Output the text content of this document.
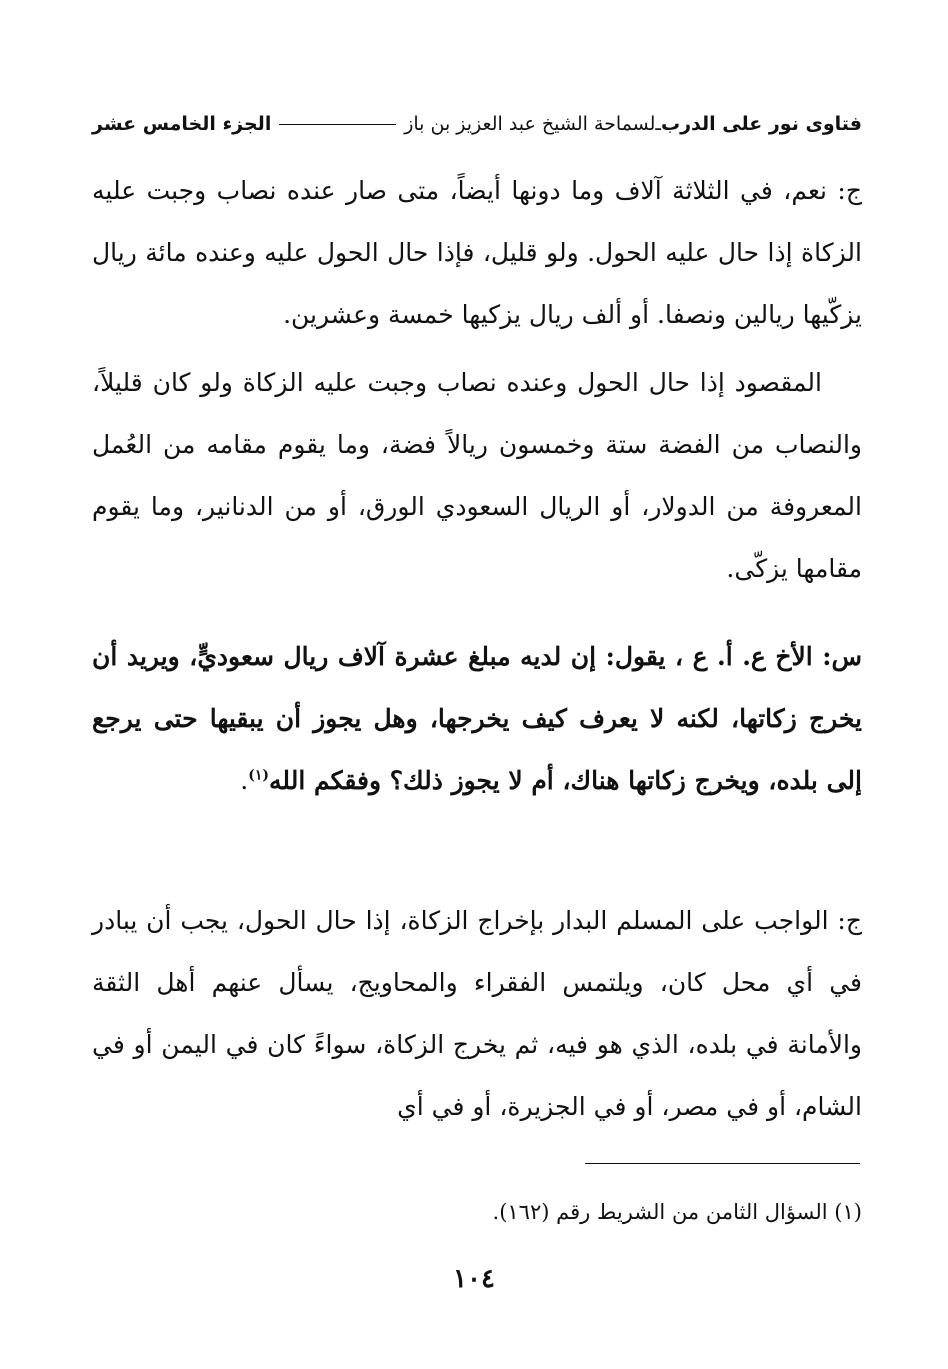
فتاوى نور على الدرب
ـ
لسماحة الشيخ عبد العزيز بن باز
الجزء الخامس عشر
ج: نعم، في الثلاثة آلاف وما دونها أيضاً، متى صار عنده نصاب وجبت عليه الزكاة إذا حال عليه الحول. ولو قليل، فإذا حال الحول عليه وعنده مائة ريال يزكّيها ريالين ونصفا. أو ألف ريال يزكيها خمسة وعشرين.
المقصود إذا حال الحول وعنده نصاب وجبت عليه الزكاة ولو كان قليلاً، والنصاب من الفضة ستة وخمسون ريالاً فضة، وما يقوم مقامه من العُمل المعروفة من الدولار، أو الريال السعودي الورق، أو من الدنانير، وما يقوم مقامها يزكّى.
س: الأخ ع. أ. ع ، يقول: إن لديه مبلغ عشرة آلاف ريال سعوديٍّ، ويريد أن يخرج زكاتها، لكنه لا يعرف كيف يخرجها، وهل يجوز أن يبقيها حتى يرجع إلى بلده، ويخرج زكاتها هناك، أم لا يجوز ذلك؟ وفقكم الله$^{(١)}$.
ج: الواجب على المسلم البدار بإخراج الزكاة، إذا حال الحول، يجب أن يبادر في أي محل كان، ويلتمس الفقراء والمحاويج، يسأل عنهم أهل الثقة والأمانة في بلده، الذي هو فيه، ثم يخرج الزكاة، سواءً كان في اليمن أو في الشام، أو في مصر، أو في الجزيرة، أو في أي
(١) السؤال الثامن من الشريط رقم (١٦٢).
١٠٤
